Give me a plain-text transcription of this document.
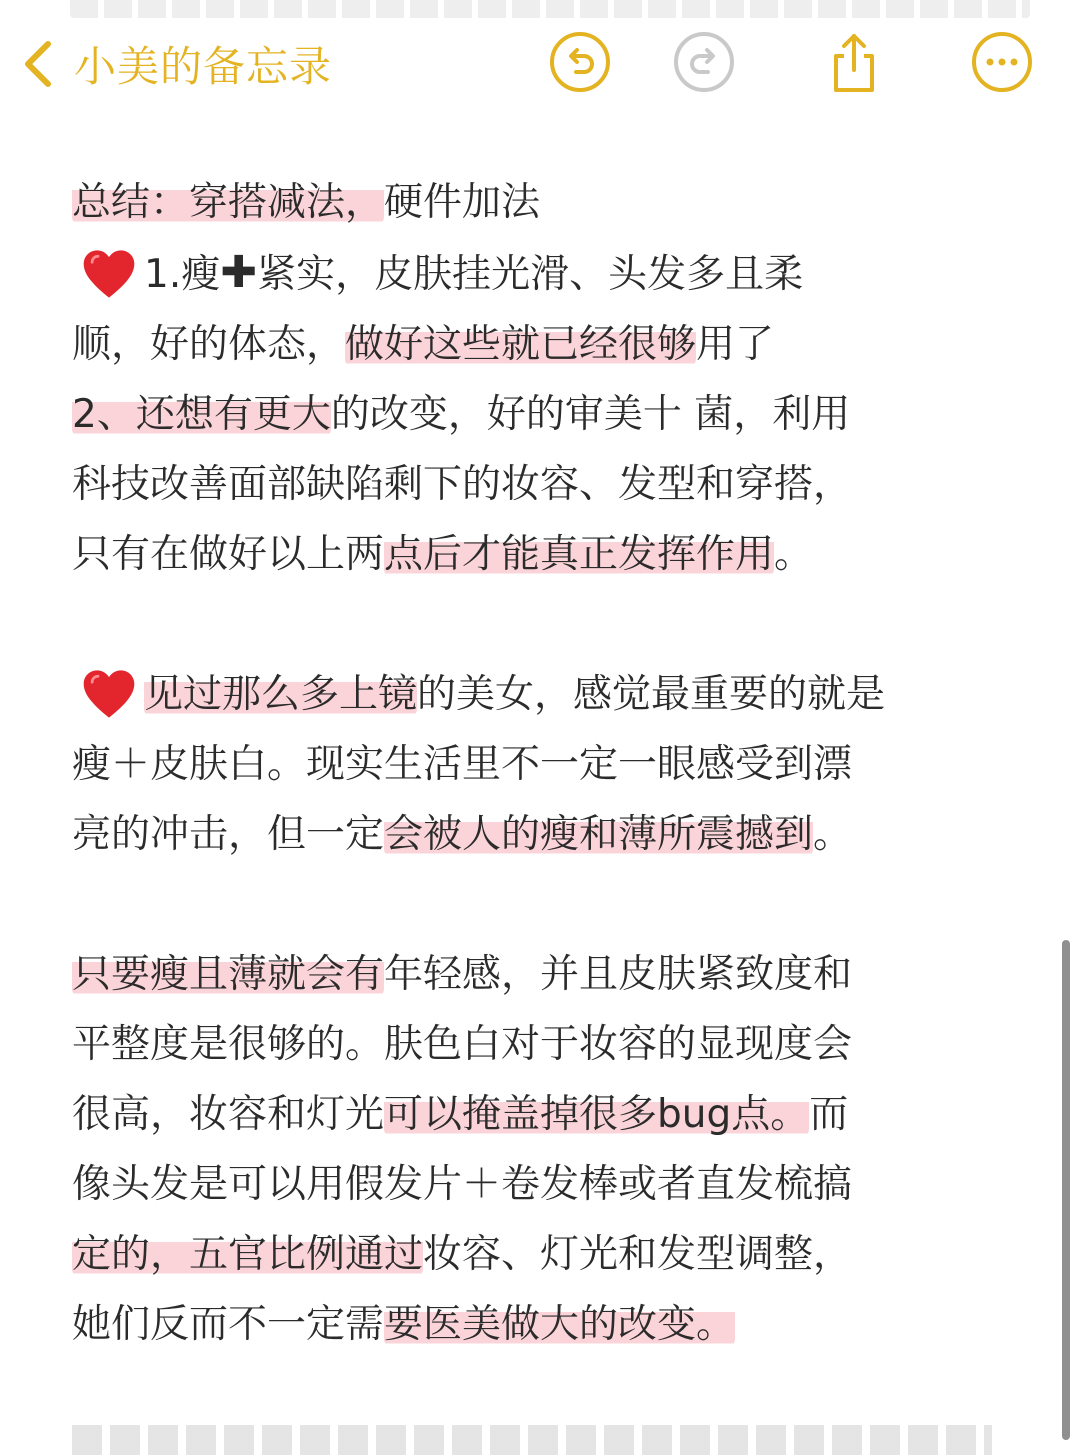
小美的备忘录
总结：穿搭减法，硬件加法
1.瘦✚紧实，皮肤挂光滑、头发多且柔
顺，好的体态，做好这些就已经很够用了
2、还想有更大的改变，好的审美十 菌，利用
科技改善面部缺陷剩下的妆容、发型和穿搭，
只有在做好以上两点后才能真正发挥作用。
见过那么多上镜的美女，感觉最重要的就是
瘦＋皮肤白。现实生活里不一定一眼感受到漂
亮的冲击，但一定会被人的瘦和薄所震撼到。
只要瘦且薄就会有年轻感，并且皮肤紧致度和
平整度是很够的。肤色白对于妆容的显现度会
很高，妆容和灯光可以掩盖掉很多bug点。而
像头发是可以用假发片＋卷发棒或者直发梳搞
定的，五官比例通过妆容、灯光和发型调整，
她们反而不一定需要医美做大的改变。
